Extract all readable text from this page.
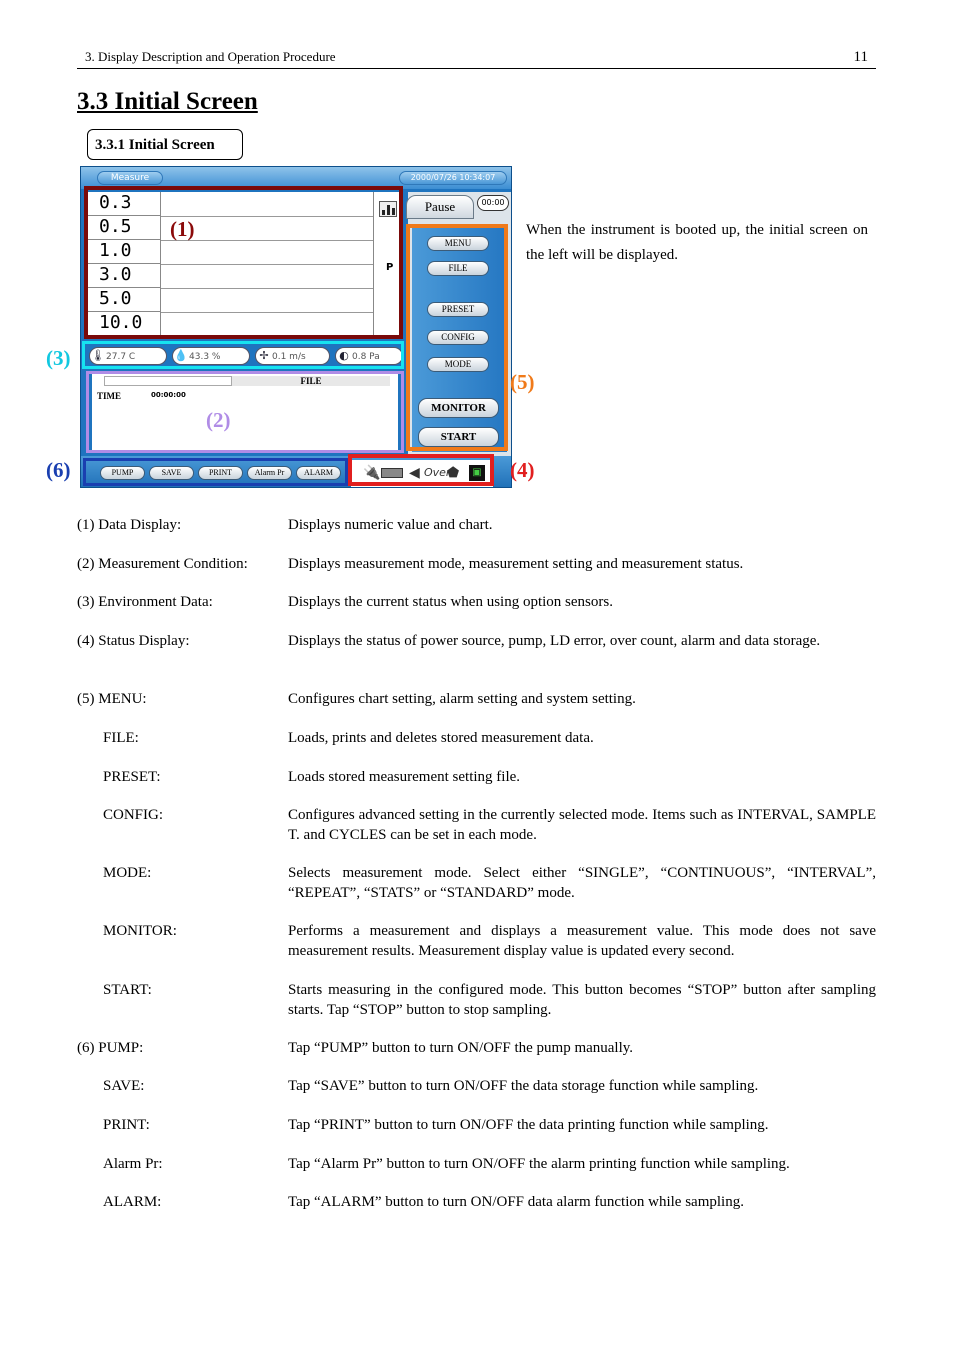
3. Display Description and Operation Procedure	11
3.3 Initial Screen
3.3.1 Initial Screen
Measure	2000/07/26 10:34:07
0.3
0.5
1.0
3.0
5.0
10.0
P
Pause	00:00
MENU
FILE
PRESET
CONFIG
MODE
MONITOR
START
🌡27.7 C	💧43.3 %	✢ 0.1 m/s	◐ 0.8 Pa
FILE
TIME	00:00:00
PUMP	SAVE	PRINT	Alarm Pr	ALARM	🔌 ◀ Over
⬟	▣
(1)
(2)
(3)
(4)
(5)
(6)
When the instrument is booted up, the initial screen on the left will be displayed.
(1) Data Display:	Displays numeric value and chart.
(2) Measurement Condition:	Displays measurement mode, measurement setting and measurement status.
(3) Environment Data:	Displays the current status when using option sensors.
(4) Status Display:	Displays the status of power source, pump, LD error, over count, alarm and data storage.
(5) MENU:	Configures chart setting, alarm setting and system setting.
FILE:	Loads, prints and deletes stored measurement data.
PRESET:	Loads stored measurement setting file.
CONFIG:	Configures advanced setting in the currently selected mode. Items such as INTERVAL, SAMPLE T. and CYCLES can be set in each mode.
MODE:	Selects measurement mode. Select either “SINGLE”, “CONTINUOUS”, “INTERVAL”, “REPEAT”, “STATS” or “STANDARD” mode.
MONITOR:	Performs a measurement and displays a measurement value. This mode does not save measurement results. Measurement display value is updated every second.
START:	Starts measuring in the configured mode. This button becomes “STOP” button after sampling starts. Tap “STOP” button to stop sampling.
(6) PUMP:	Tap “PUMP” button to turn ON/OFF the pump manually.
SAVE:	Tap “SAVE” button to turn ON/OFF the data storage function while sampling.
PRINT:	Tap “PRINT” button to turn ON/OFF the data printing function while sampling.
Alarm Pr:	Tap “Alarm Pr” button to turn ON/OFF the alarm printing function while sampling.
ALARM:	Tap “ALARM” button to turn ON/OFF data alarm function while sampling.
